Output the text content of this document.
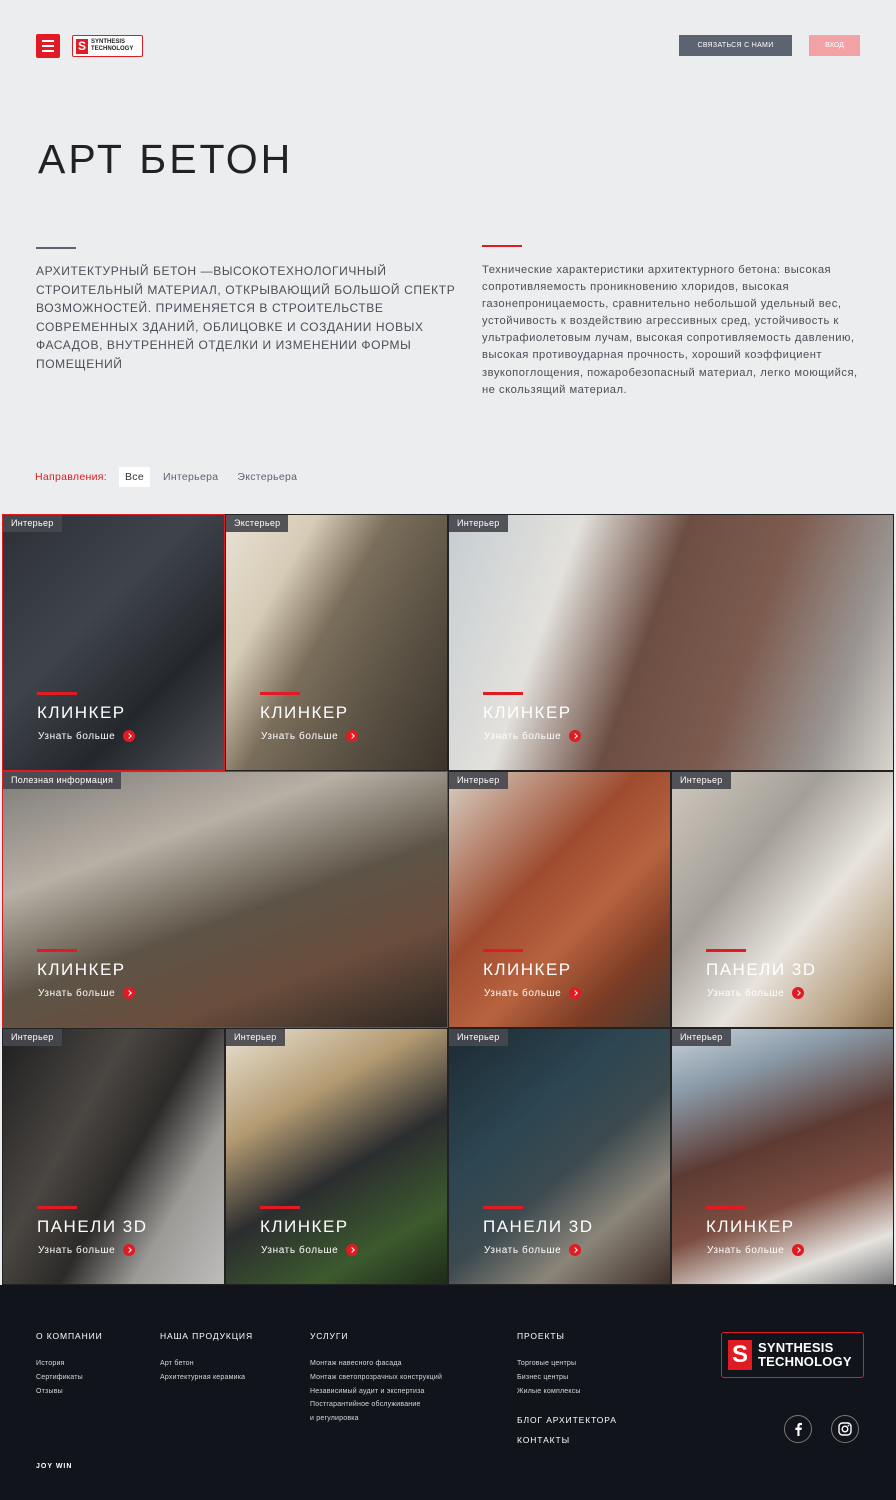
S SYNTHESIS
TECHNOLOGY	СВЯЗАТЬСЯ С НАМИ	ВХОД
АРТ БЕТОН

АРХИТЕКТУРНЫЙ БЕТОН —ВЫСОКОТЕХНОЛОГИЧНЫЙ СТРОИТЕЛЬНЫЙ МАТЕРИАЛ, ОТКРЫВАЮЩИЙ БОЛЬШОЙ СПЕКТР ВОЗМОЖНОСТЕЙ. ПРИМЕНЯЕТСЯ В СТРОИТЕЛЬСТВЕ СОВРЕМЕННЫХ ЗДАНИЙ, ОБЛИЦОВКЕ И СОЗДАНИИ НОВЫХ ФАСАДОВ, ВНУТРЕННЕЙ ОТДЕЛКИ И ИЗМЕНЕНИИ ФОРМЫ ПОМЕЩЕНИЙ

Технические характеристики архитектурного бетона: высокая сопротивляемость проникновению хлоридов, высокая газонепроницаемость, сравнительно небольшой удельный вес, устойчивость к воздействию агрессивных сред, устойчивость к ультрафиолетовым лучам, высокая сопротивляемость давлению, высокая противоударная прочность, хороший коэффициент звукопоглощения, пожаробезопасный материал, легко моющийся, не скользящий материал.

Направления:	Все	Интерьера	Экстерьера
Интерьер
КЛИНКЕР
Узнать больше
Экстерьер
КЛИНКЕР
Узнать больше
Интерьер
КЛИНКЕР
Узнать больше
Полезная информация
КЛИНКЕР
Узнать больше
Интерьер
КЛИНКЕР
Узнать больше
Интерьер
ПАНЕЛИ 3D
Узнать больше
Интерьер
ПАНЕЛИ 3D
Узнать больше
Интерьер
КЛИНКЕР
Узнать больше
Интерьер
ПАНЕЛИ 3D
Узнать больше
Интерьер
КЛИНКЕР
Узнать больше
О КОМПАНИИ
История
Сертификаты
Отзывы
НАША ПРОДУКЦИЯ
Арт бетон
Архитектурная керамика
УСЛУГИ
Монтаж навесного фасада
Монтаж светопрозрачных конструкций
Независимый аудит и экспертиза
Постгарантийное обслуживание
и регулировка
ПРОЕКТЫ
Торговые центры
Бизнес центры
Жилые комплексы
БЛОГ АРХИТЕКТОРА
КОНТАКТЫ
S SYNTHESIS
TECHNOLOGY
JOY WIN
